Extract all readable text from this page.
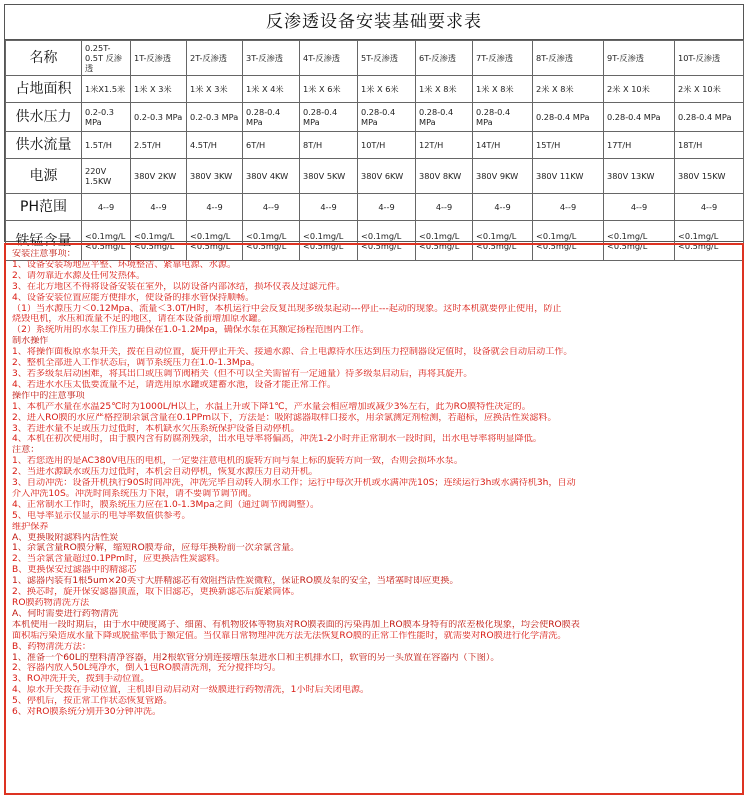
反渗透设备安装基础要求表
名称	0.25T-0.5T 反渗透	1T-反渗透	2T-反渗透	3T-反渗透	4T-反渗透	5T-反渗透	6T-反渗透	7T-反渗透	8T-反渗透	9T-反渗透	10T-反渗透
占地面积	1米X1.5米	1米 X 3米	1米 X 3米	1米 X 4米	1米 X 6米	1米 X 6米	1米 X 8米	1米 X 8米	2米 X 8米	2米 X 10米	2米 X 10米
供水压力	0.2-0.3 MPa	0.2-0.3 MPa	0.2-0.3 MPa	0.28-0.4 MPa	0.28-0.4 MPa	0.28-0.4 MPa	0.28-0.4 MPa	0.28-0.4 MPa	0.28-0.4 MPa	0.28-0.4 MPa	0.28-0.4 MPa
供水流量	1.5T/H	2.5T/H	4.5T/H	6T/H	8T/H	10T/H	12T/H	14T/H	15T/H	17T/H	18T/H
电源	220V 1.5KW	380V 2KW	380V 3KW	380V 4KW	380V 5KW	380V 6KW	380V 8KW	380V 9KW	380V 11KW	380V 13KW	380V 15KW
PH范围	4--9	4--9	4--9	4--9	4--9	4--9	4--9	4--9	4--9	4--9	4--9
铁锰含量	<0.1mg/L <0.5mg/L	<0.1mg/L <0.5mg/L	<0.1mg/L <0.5mg/L	<0.1mg/L <0.5mg/L	<0.1mg/L <0.5mg/L	<0.1mg/L <0.5mg/L	<0.1mg/L <0.5mg/L	<0.1mg/L <0.5mg/L	<0.1mg/L <0.5mg/L	<0.1mg/L <0.5mg/L	<0.1mg/L <0.5mg/L
安装注意事项：
1、设备安装场地应平整、环境整洁、紧靠电源、水源。
2、请勿靠近水源及任何发热体。
3、在北方地区不得将设备安装在室外，以防设备内部冰结，损坏仪表及过滤元件。
4、设备安装位置应能方便排水，使设备的排水管保持顺畅。
（1）当水源压力＜0.12Mpa、流量＜3.0T/H时，本机运行中会反复出现多级泵起动---停止---起动的现象。这时本机就要停止使用，防止
烧毁电机，水压和流量不足的地区，请在本设备前增加原水罐。
（2）系统所用的水泵工作压力确保在1.0-1.2Mpa，确保水泵在其额定扬程范围内工作。
制水操作
1、将操作面板原水泵开关，拨在自动位置，旋开停止开关、接通水源、合上电源待水压达到压力控制器设定值时，设备就会自动启动工作。
2、整机全部进入工作状态后，调节系统压力在1.0-1.3Mpa。
3、若多级泵启动困难，将其出口或压调节阀稍关（但不可以全关需留有一定通量）待多级泵启动后，再将其旋开。
4、若进水水压太低要流量不足，请选用原水罐或建蓄水池，设备才能正常工作。
操作中的注意事项
1、本机产水量在水温25℃时为1000L/H以上，水温上升或下降1℃，产水量会相应增加或减少3%左右，此为RO膜特性决定的。
2、进入RO膜的水应严格控制余氯含量在0.1PPm以下，方法是：吸附滤器取样口接水，用余氯测定剂检测，若超标，应换活性炭滤料。
3、若进水量不足或压力过低时，本机缺水欠压系统保护设备自动停机。
4、本机在初次使用时，由于膜内含有防腐剂残余，出水电导率将偏高，冲洗1-2小时并正常制水一段时间，出水电导率将明显降低。
注意：
1、若您选用的是AC380V电压的电机，一定要注意电机的旋转方向与泵上标的旋转方向一致，否则会损坏水泵。
2、当进水源缺水或压力过低时，本机会自动停机，恢复水源压力自动开机。
3、自动冲洗：设备开机执行90S时间冲洗，冲洗完毕自动转入制水工作；运行中每次开机或水满冲洗10S；连续运行3h或水满待机3h，自动
介入冲洗10S。冲洗时间系统压力下限，请不要调节调节阀。
4、正常制水工作时，膜系统压力应在1.0-1.3Mpa之间（通过调节阀调整）。
5、电导率显示仪显示的电导率数值供参考。
维护保养
A、更换吸附滤料内活性炭
1、余氯含量RO膜分解，缩短RO膜寿命，应每年换粉前一次余氯含量。
2、当余氯含量超过0.1PPm时，应更换活性炭滤料。
B、更换保安过滤器中的精滤芯
1、滤器内装有1根5um×20英寸大胖精滤芯有效阻挡活性炭微粒，保证RO膜及泵的安全，当堵塞时即应更换。
2、换芯时，旋开保安滤器顶盖，取下旧滤芯，更换新滤芯后旋紧筒体。
RO膜药物清洗方法
A、何时需要进行药物清洗
本机使用一段时期后，由于水中硬度离子、细菌、有机物胶体等物质对RO膜表面的污染再加上RO膜本身特有的浓差极化现象，均会使RO膜表
面积垢污染造成水量下降或脱盐率低于额定值。当仅靠日常物理冲洗方法无法恢复RO膜的正常工作性能时，就需要对RO膜进行化学清洗。
B、药物清洗方法：
1、准备一个60L的塑料清净容器，用2根软管分别连接增压泵进水口和主机排水口，软管的另一头放置在容器内（下图）。
2、容器内放入50L纯净水，倒入1包RO膜清洗剂，充分搅拌均匀。
3、RO冲洗开关，拨到手动位置。
4、原水开关拨在手动位置，主机即自动启动对一级膜进行药物清洗，1小时后关闭电源。
5、停机后，按正常工作状态恢复管路。
6、对RO膜系统分别开30分钟冲洗。
